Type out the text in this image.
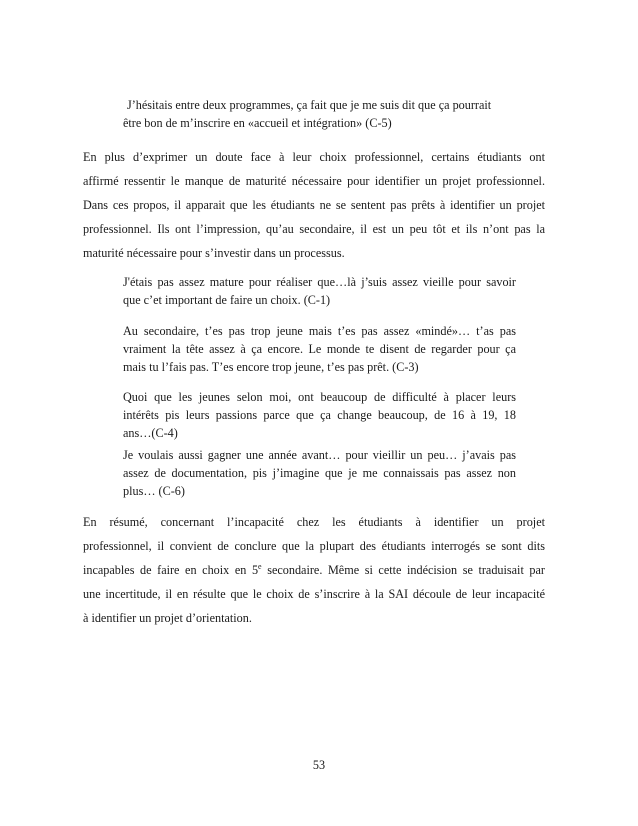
J’hésitais entre deux programmes, ça fait que je me suis dit que ça pourrait
être bon de m’inscrire en «accueil et intégration» (C-5)
En plus d’exprimer un doute face à leur choix professionnel, certains étudiants ont
affirmé ressentir le manque de maturité nécessaire pour identifier un projet professionnel.
Dans ces propos, il apparait que les étudiants ne se sentent pas prêts à identifier un projet
professionnel. Ils ont l’impression, qu’au secondaire, il est un peu tôt et ils n’ont pas la
maturité nécessaire pour s’investir dans un processus.
J'étais pas assez mature pour réaliser que…là j’suis assez vieille pour savoir
que c’et important de faire un choix. (C-1)
Au secondaire, t’es pas trop jeune mais t’es pas assez «mindé»… t’as pas
vraiment la tête assez à ça encore. Le monde te disent de regarder pour ça
mais tu l’fais pas. T’es encore trop jeune, t’es pas prêt. (C-3)
Quoi que les jeunes selon moi, ont beaucoup de difficulté à placer leurs
intérêts pis leurs passions parce que ça change beaucoup, de 16 à 19, 18
ans…(C-4)
Je voulais aussi gagner une année avant… pour vieillir un peu… j’avais pas
assez de documentation, pis j’imagine que je me connaissais pas assez non
plus… (C-6)
En résumé, concernant l’incapacité chez les étudiants à identifier un projet
professionnel, il convient de conclure que la plupart des étudiants interrogés se sont dits
incapables de faire en choix en 5e secondaire. Même si cette indécision se traduisait par
une incertitude, il en résulte que le choix de s’inscrire à la SAI découle de leur incapacité
à identifier un projet d’orientation.
53
